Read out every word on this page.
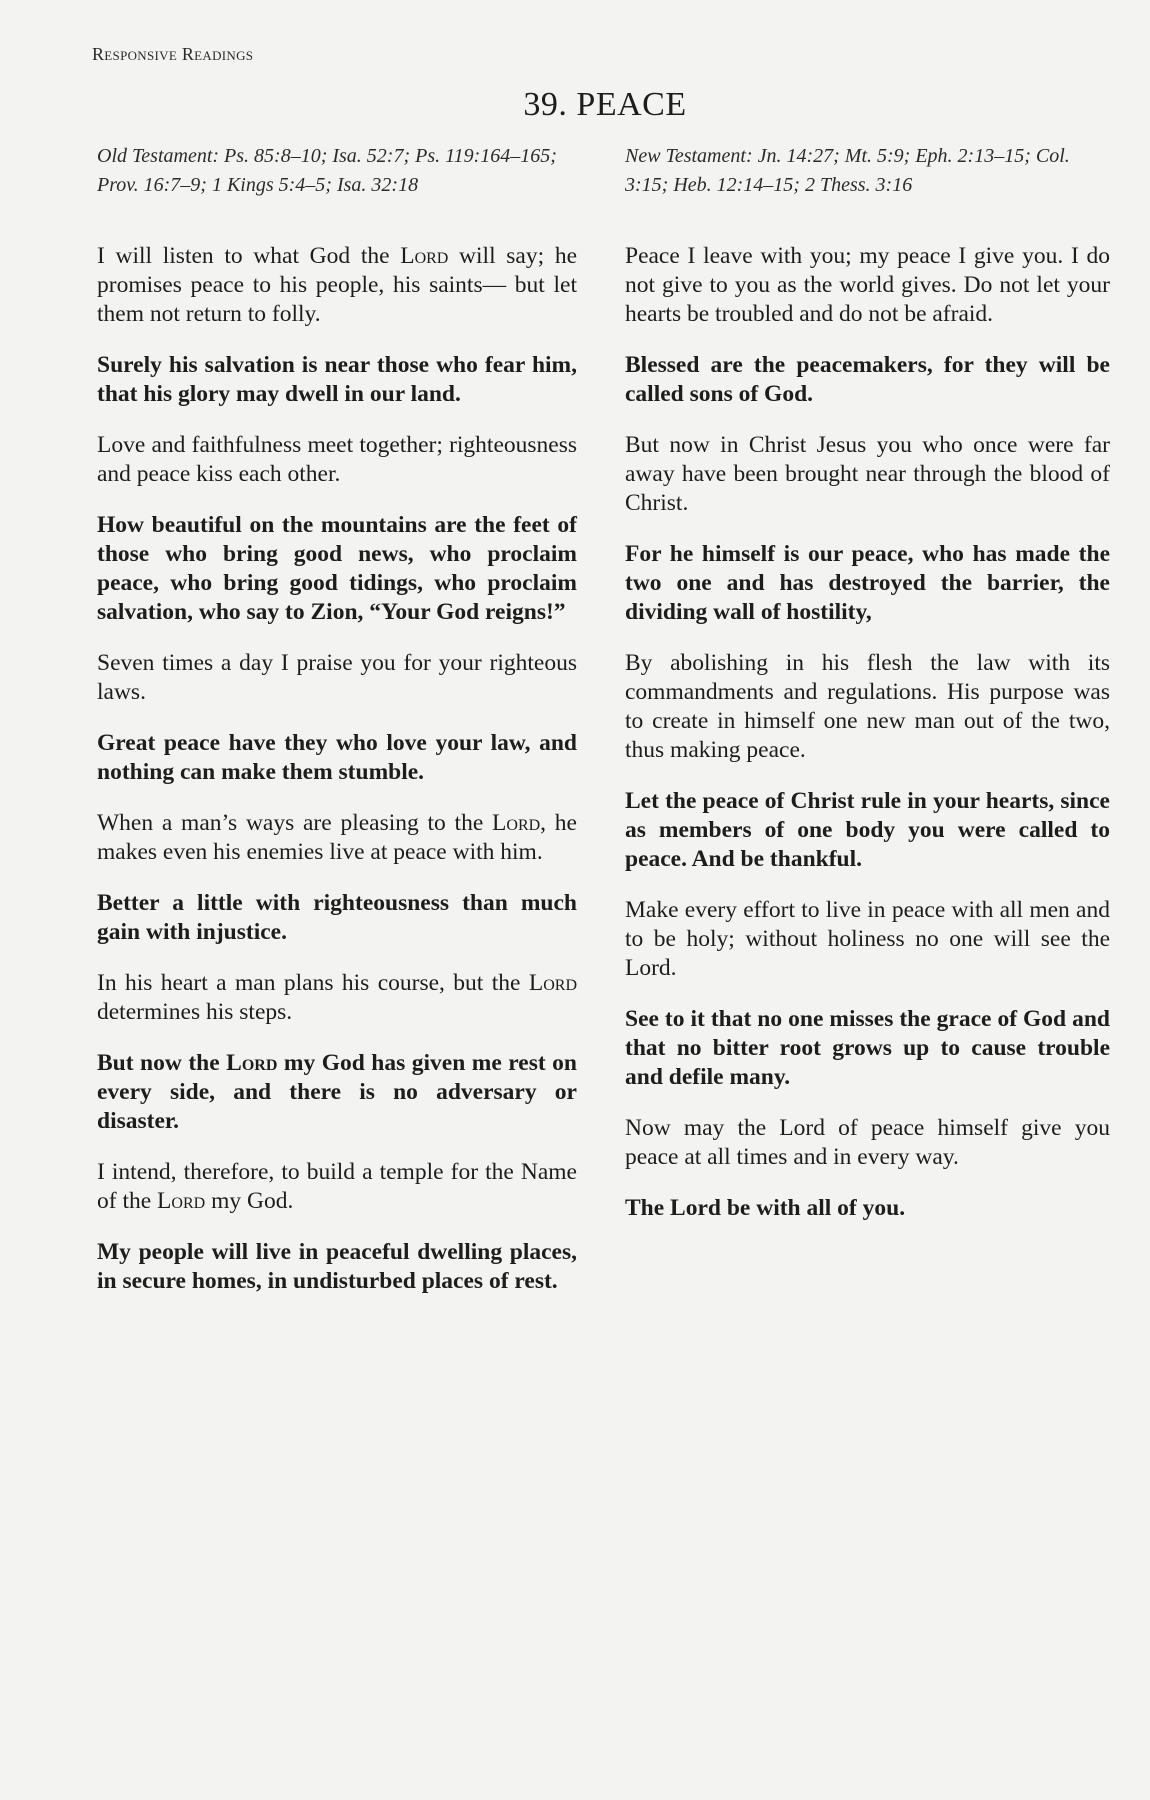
Responsive Readings
39. PEACE

Old Testament: Ps. 85:8–10; Isa. 52:7; Ps. 119:164–165; Prov. 16:7–9; 1 Kings 5:4–5; Isa. 32:18

I will listen to what God the Lord will say; he promises peace to his people, his saints— but let them not return to folly.

Surely his salvation is near those who fear him, that his glory may dwell in our land.

Love and faithfulness meet together; righteousness and peace kiss each other.

How beautiful on the mountains are the feet of those who bring good news, who proclaim peace, who bring good tidings, who proclaim salvation, who say to Zion, “Your God reigns!”

Seven times a day I praise you for your righteous laws.

Great peace have they who love your law, and nothing can make them stumble.

When a man’s ways are pleasing to the Lord, he makes even his enemies live at peace with him.

Better a little with righteousness than much gain with injustice.

In his heart a man plans his course, but the Lord determines his steps.

But now the Lord my God has given me rest on every side, and there is no adversary or disaster.

I intend, therefore, to build a temple for the Name of the Lord my God.

My people will live in peaceful dwelling places, in secure homes, in undisturbed places of rest.

New Testament: Jn. 14:27; Mt. 5:9; Eph. 2:13–15; Col. 3:15; Heb. 12:14–15; 2 Thess. 3:16

Peace I leave with you; my peace I give you. I do not give to you as the world gives. Do not let your hearts be troubled and do not be afraid.

Blessed are the peacemakers, for they will be called sons of God.

But now in Christ Jesus you who once were far away have been brought near through the blood of Christ.

For he himself is our peace, who has made the two one and has destroyed the barrier, the dividing wall of hostility,

By abolishing in his flesh the law with its commandments and regulations. His purpose was to create in himself one new man out of the two, thus making peace.

Let the peace of Christ rule in your hearts, since as members of one body you were called to peace. And be thankful.

Make every effort to live in peace with all men and to be holy; without holiness no one will see the Lord.

See to it that no one misses the grace of God and that no bitter root grows up to cause trouble and defile many.

Now may the Lord of peace himself give you peace at all times and in every way.

The Lord be with all of you.
